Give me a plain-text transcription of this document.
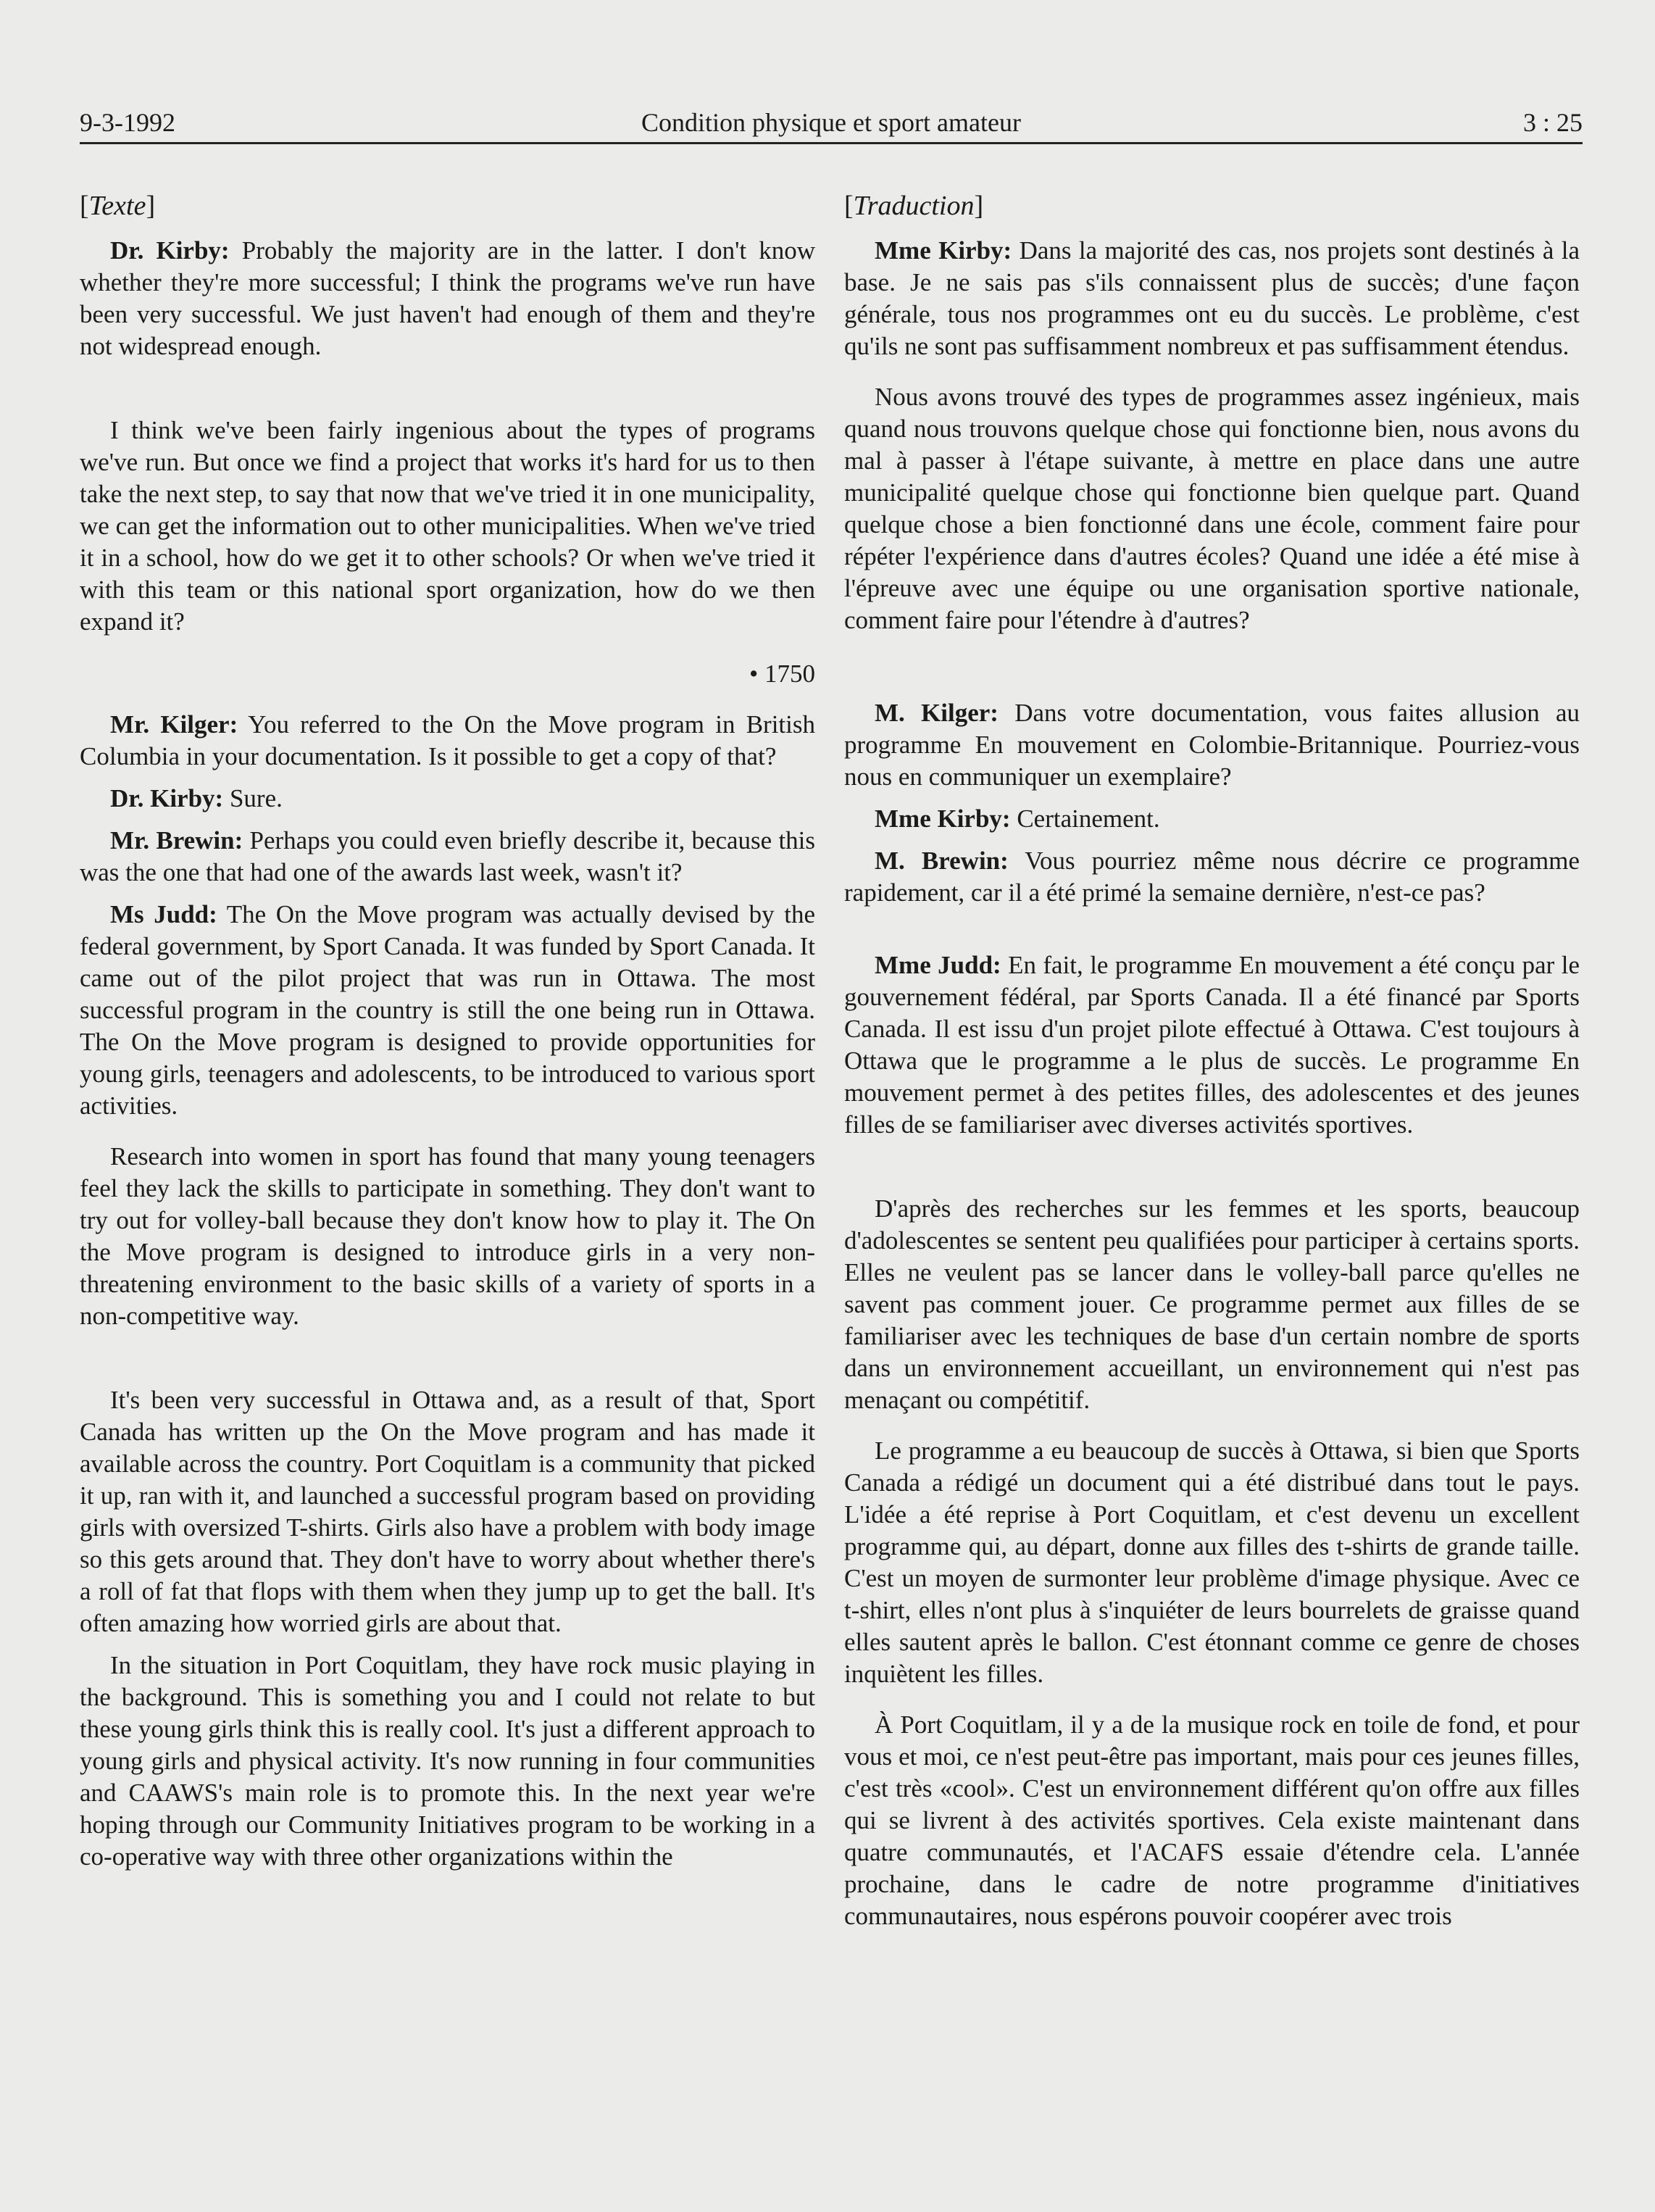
9-3-1992	Condition physique et sport amateur	3 : 25
[Texte]

Dr. Kirby: Probably the majority are in the latter. I don't know whether they're more successful; I think the programs we've run have been very successful. We just haven't had enough of them and they're not widespread enough.

I think we've been fairly ingenious about the types of programs we've run. But once we find a project that works it's hard for us to then take the next step, to say that now that we've tried it in one municipality, we can get the information out to other municipalities. When we've tried it in a school, how do we get it to other schools? Or when we've tried it with this team or this national sport organization, how do we then expand it?

• 1750

Mr. Kilger: You referred to the On the Move program in British Columbia in your documentation. Is it possible to get a copy of that?

Dr. Kirby: Sure.

Mr. Brewin: Perhaps you could even briefly describe it, because this was the one that had one of the awards last week, wasn't it?

Ms Judd: The On the Move program was actually devised by the federal government, by Sport Canada. It was funded by Sport Canada. It came out of the pilot project that was run in Ottawa. The most successful program in the country is still the one being run in Ottawa. The On the Move program is designed to provide opportunities for young girls, teenagers and adolescents, to be introduced to various sport activities.

Research into women in sport has found that many young teenagers feel they lack the skills to participate in something. They don't want to try out for volley-ball because they don't know how to play it. The On the Move program is designed to introduce girls in a very non-threatening environment to the basic skills of a variety of sports in a non-competitive way.

It's been very successful in Ottawa and, as a result of that, Sport Canada has written up the On the Move program and has made it available across the country. Port Coquitlam is a community that picked it up, ran with it, and launched a successful program based on providing girls with oversized T-shirts. Girls also have a problem with body image so this gets around that. They don't have to worry about whether there's a roll of fat that flops with them when they jump up to get the ball. It's often amazing how worried girls are about that.

In the situation in Port Coquitlam, they have rock music playing in the background. This is something you and I could not relate to but these young girls think this is really cool. It's just a different approach to young girls and physical activity. It's now running in four communities and CAAWS's main role is to promote this. In the next year we're hoping through our Community Initiatives program to be working in a co-operative way with three other organizations within the

[Traduction]

Mme Kirby: Dans la majorité des cas, nos projets sont destinés à la base. Je ne sais pas s'ils connaissent plus de succès; d'une façon générale, tous nos programmes ont eu du succès. Le problème, c'est qu'ils ne sont pas suffisamment nombreux et pas suffisamment étendus.

Nous avons trouvé des types de programmes assez ingénieux, mais quand nous trouvons quelque chose qui fonctionne bien, nous avons du mal à passer à l'étape suivante, à mettre en place dans une autre municipalité quelque chose qui fonctionne bien quelque part. Quand quelque chose a bien fonctionné dans une école, comment faire pour répéter l'expérience dans d'autres écoles? Quand une idée a été mise à l'épreuve avec une équipe ou une organisation sportive nationale, comment faire pour l'étendre à d'autres?

M. Kilger: Dans votre documentation, vous faites allusion au programme En mouvement en Colombie-Britannique. Pourriez-vous nous en communiquer un exemplaire?

Mme Kirby: Certainement.

M. Brewin: Vous pourriez même nous décrire ce programme rapidement, car il a été primé la semaine dernière, n'est-ce pas?

Mme Judd: En fait, le programme En mouvement a été conçu par le gouvernement fédéral, par Sports Canada. Il a été financé par Sports Canada. Il est issu d'un projet pilote effectué à Ottawa. C'est toujours à Ottawa que le programme a le plus de succès. Le programme En mouvement permet à des petites filles, des adolescentes et des jeunes filles de se familiariser avec diverses activités sportives.

D'après des recherches sur les femmes et les sports, beaucoup d'adolescentes se sentent peu qualifiées pour participer à certains sports. Elles ne veulent pas se lancer dans le volley-ball parce qu'elles ne savent pas comment jouer. Ce programme permet aux filles de se familiariser avec les techniques de base d'un certain nombre de sports dans un environnement accueillant, un environnement qui n'est pas menaçant ou compétitif.

Le programme a eu beaucoup de succès à Ottawa, si bien que Sports Canada a rédigé un document qui a été distribué dans tout le pays. L'idée a été reprise à Port Coquitlam, et c'est devenu un excellent programme qui, au départ, donne aux filles des t-shirts de grande taille. C'est un moyen de surmonter leur problème d'image physique. Avec ce t-shirt, elles n'ont plus à s'inquiéter de leurs bourrelets de graisse quand elles sautent après le ballon. C'est étonnant comme ce genre de choses inquiètent les filles.

À Port Coquitlam, il y a de la musique rock en toile de fond, et pour vous et moi, ce n'est peut-être pas important, mais pour ces jeunes filles, c'est très «cool». C'est un environnement différent qu'on offre aux filles qui se livrent à des activités sportives. Cela existe maintenant dans quatre communautés, et l'ACAFS essaie d'étendre cela. L'année prochaine, dans le cadre de notre programme d'initiatives communautaires, nous espérons pouvoir coopérer avec trois
